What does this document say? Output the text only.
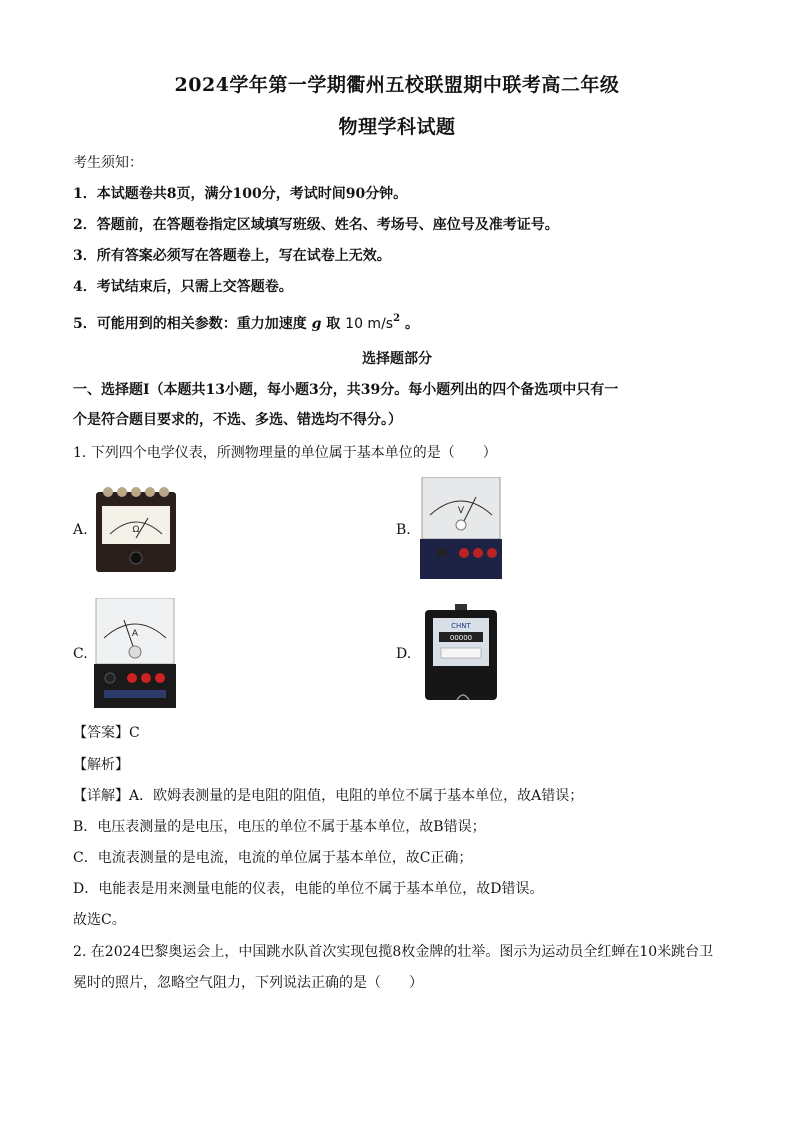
2024学年第一学期衢州五校联盟期中联考高二年级
物理学科试题
考生须知：
1．本试题卷共8页，满分100分，考试时间90分钟。
2．答题前，在答题卷指定区域填写班级、姓名、考场号、座位号及准考证号。
3．所有答案必须写在答题卷上，写在试卷上无效。
4．考试结束后，只需上交答题卷。
5．可能用到的相关参数：重力加速度 g 取 10 $m/s^2$ 。
选择题部分
一、选择题Ⅰ（本题共13小题，每小题3分，共39分。每小题列出的四个备选项中只有一
个是符合题目要求的，不选、多选、错选均不得分。）
1. 下列四个电学仪表，所测物理量的单位属于基本单位的是（　　）
A.	Ω	B.
V
C.
A
D.
CHNT
00000
【答案】C
【解析】
【详解】A．欧姆表测量的是电阻的阻值，电阻的单位不属于基本单位，故A错误；
B．电压表测量的是电压，电压的单位不属于基本单位，故B错误；
C．电流表测量的是电流，电流的单位属于基本单位，故C正确；
D．电能表是用来测量电能的仪表，电能的单位不属于基本单位，故D错误。
故选C。
2. 在2024巴黎奥运会上，中国跳水队首次实现包揽8枚金牌的壮举。图示为运动员全红蝉在10米跳台卫
冕时的照片，忽略空气阻力，下列说法正确的是（　　）
